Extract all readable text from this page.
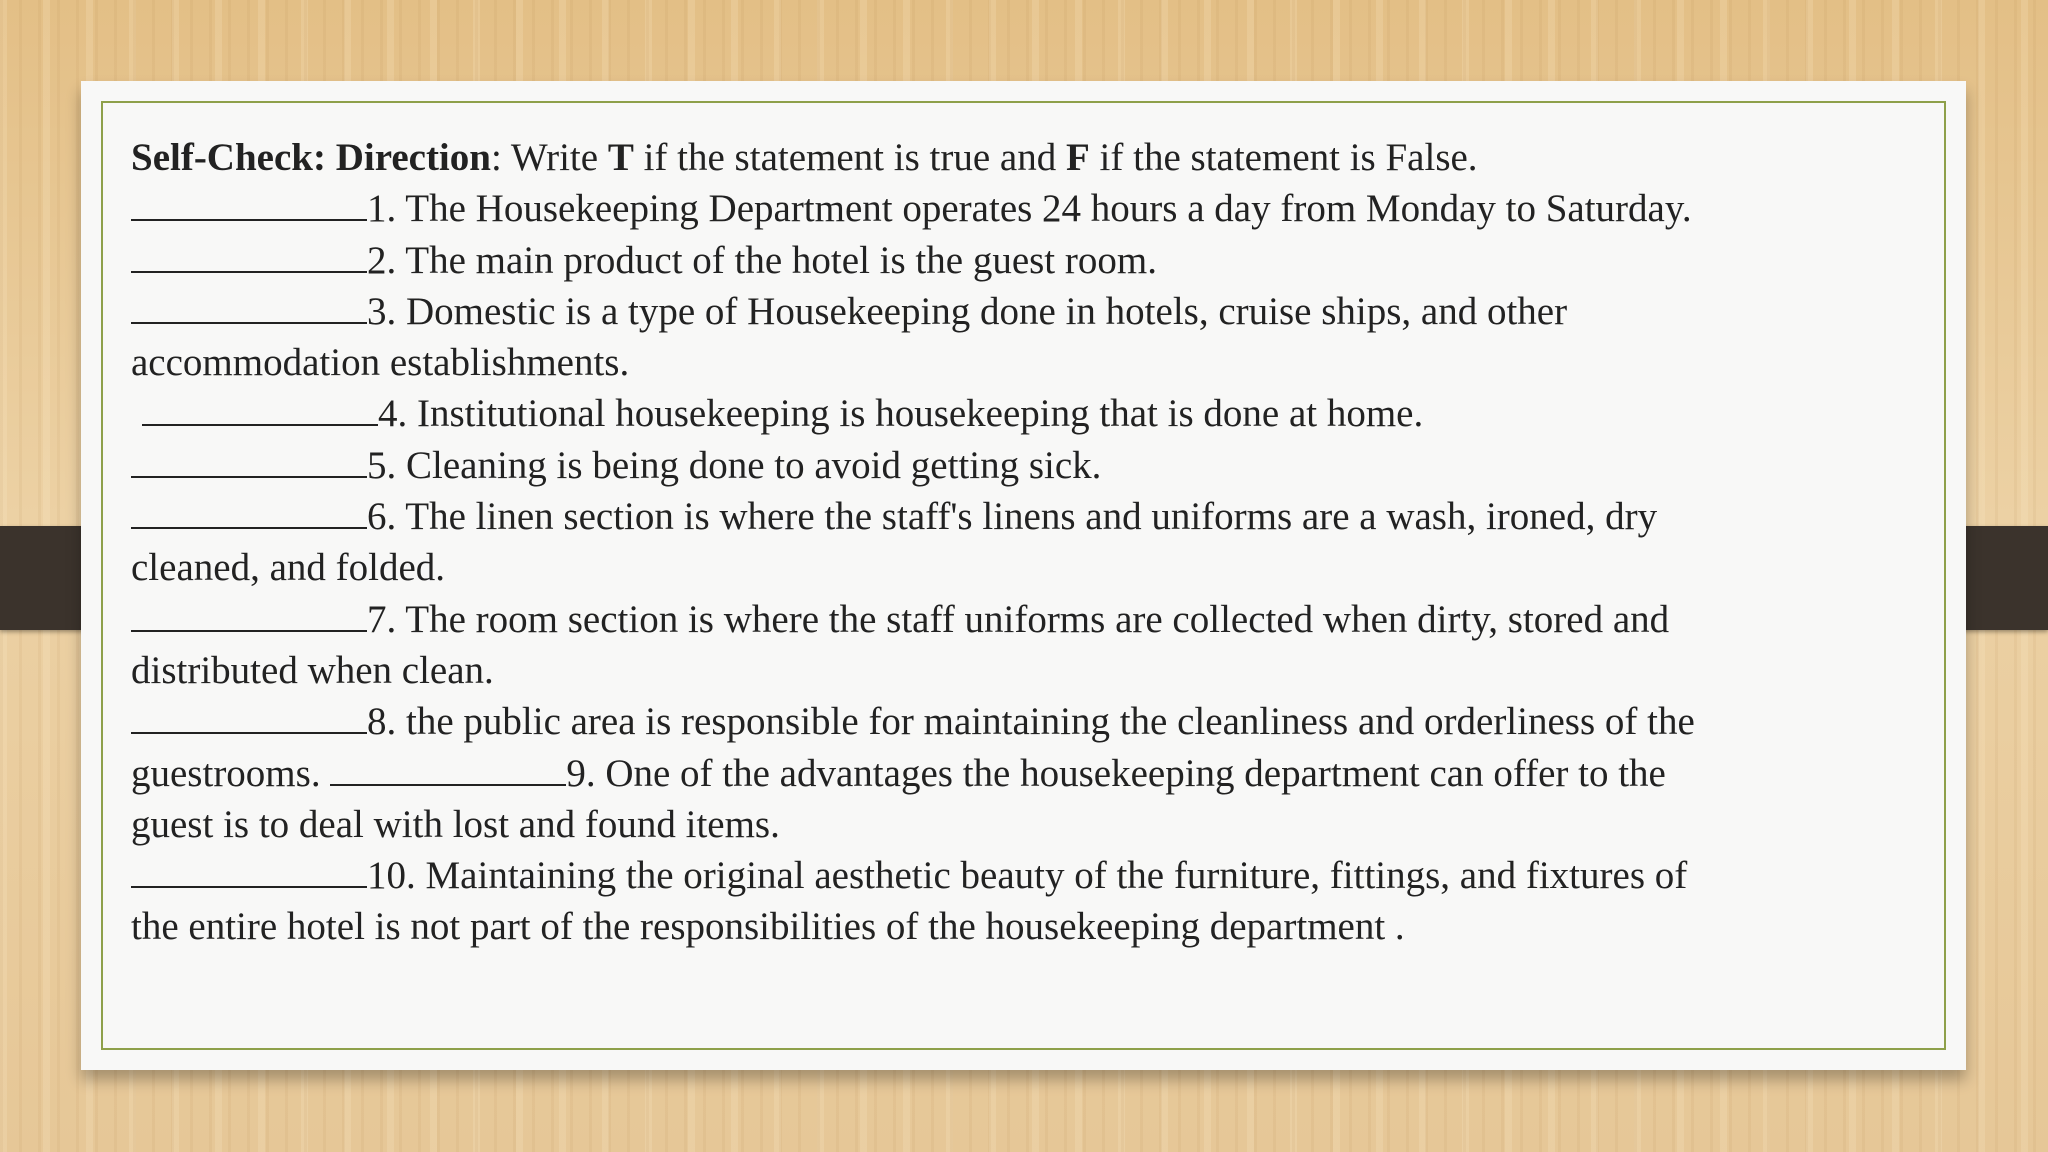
Self-Check: Direction: Write T if the statement is true and F if the statement is False.
1. The Housekeeping Department operates 24 hours a day from Monday to Saturday.
2. The main product of the hotel is the guest room.
3. Domestic is a type of Housekeeping done in hotels, cruise ships, and other
accommodation establishments.
4. Institutional housekeeping is housekeeping that is done at home.
5. Cleaning is being done to avoid getting sick.
6. The linen section is where the staff's linens and uniforms are a wash, ironed, dry
cleaned, and folded.
7. The room section is where the staff uniforms are collected when dirty, stored and
distributed when clean.
8. the public area is responsible for maintaining the cleanliness and orderliness of the
guestrooms.	9. One of the advantages the housekeeping department can offer to the
guest is to deal with lost and found items.
10. Maintaining the original aesthetic beauty of the furniture, fittings, and fixtures of
the entire hotel is not part of the responsibilities of the housekeeping department .
